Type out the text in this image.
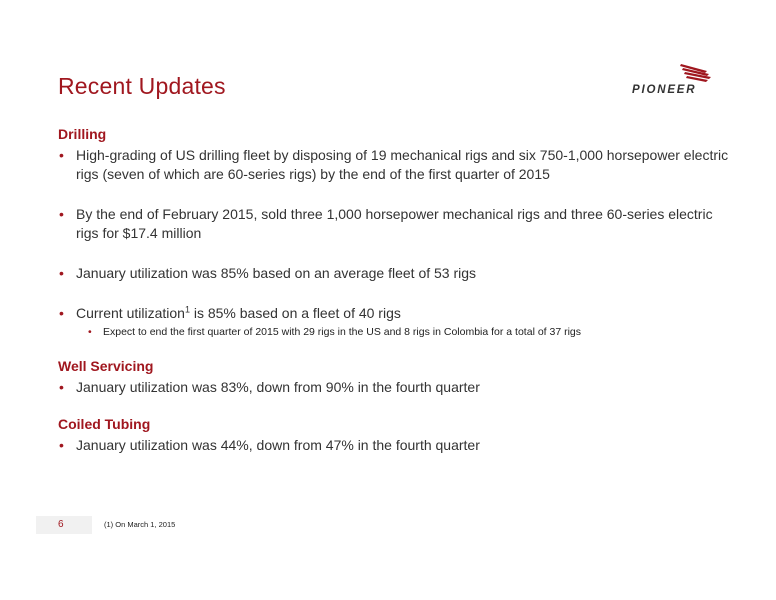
Recent Updates	PIONEER
Drilling
• High-grading of US drilling fleet by disposing of 19 mechanical rigs and six 750-1,000 horsepower electric rigs (seven of which are 60-series rigs) by the end of the first quarter of 2015
• By the end of February 2015, sold three 1,000 horsepower mechanical rigs and three 60-series electric rigs for $17.4 million
• January utilization was 85% based on an average fleet of 53 rigs
• Current utilization$^1$ is 85% based on a fleet of 40 rigs
• Expect to end the first quarter of 2015 with 29 rigs in the US and 8 rigs in Colombia for a total of 37 rigs
Well Servicing
• January utilization was 83%, down from 90% in the fourth quarter
Coiled Tubing
• January utilization was 44%, down from 47% in the fourth quarter
6	(1) On March 1, 2015
